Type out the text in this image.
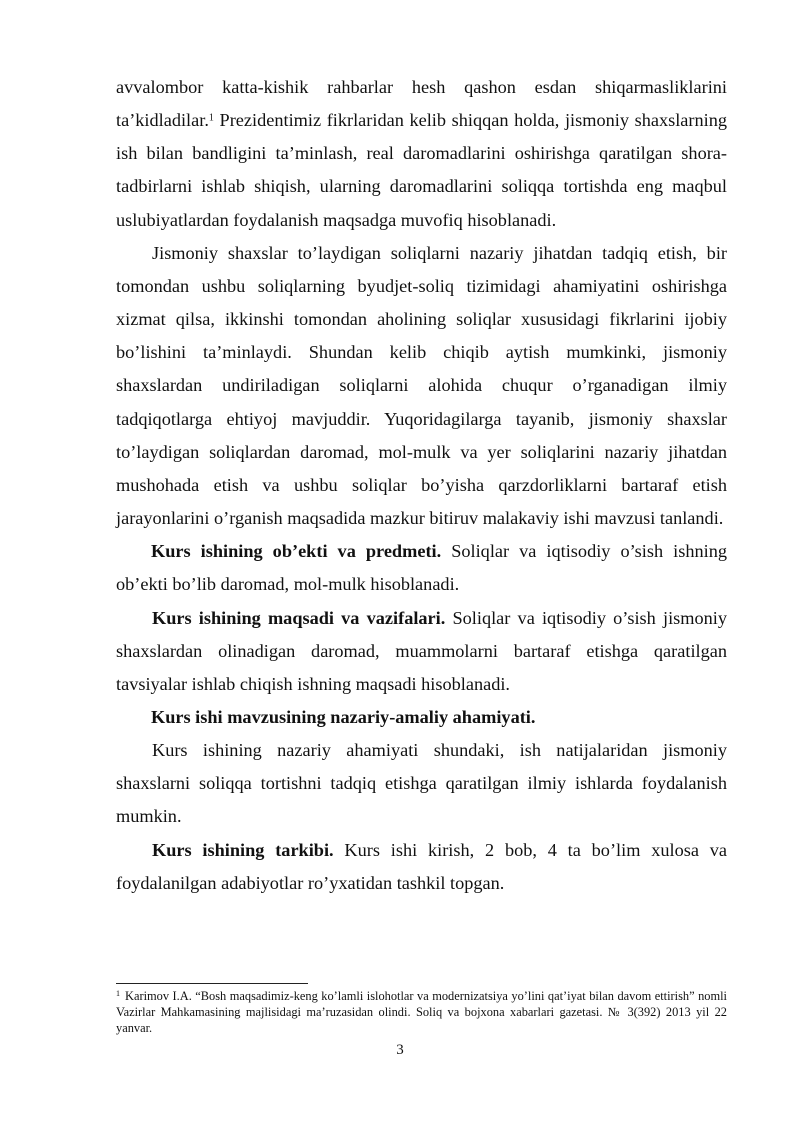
avvalombor katta-kishik rahbarlar hesh qashon esdan shiqarmasliklarini ta’kidladilar.$^1$ Prezidentimiz fikrlaridan kelib shiqqan holda, jismoniy shaxslarning ish bilan bandligini ta’minlash, real daromadlarini oshirishga qaratilgan shora-tadbirlarni ishlab shiqish, ularning daromadlarini soliqqa tortishda eng maqbul uslubiyatlardan foydalanish maqsadga muvofiq hisoblanadi.

Jismoniy shaxslar to’laydigan soliqlarni nazariy jihatdan tadqiq etish, bir tomondan ushbu soliqlarning byudjet-soliq tizimidagi ahamiyatini oshirishga xizmat qilsa, ikkinshi tomondan aholining soliqlar xususidagi fikrlarini ijobiy bo’lishini ta’minlaydi. Shundan kelib chiqib aytish mumkinki, jismoniy shaxslardan undiriladigan soliqlarni alohida chuqur o’rganadigan ilmiy tadqiqotlarga ehtiyoj mavjuddir. Yuqoridagilarga tayanib, jismoniy shaxslar to’laydigan soliqlardan daromad, mol-mulk va yer soliqlarini nazariy jihatdan mushohada etish va ushbu soliqlar bo’yisha qarzdorliklarni bartaraf etish jarayonlarini o’rganish maqsadida mazkur bitiruv malakaviy ishi mavzusi tanlandi.

Kurs ishining ob’ekti va predmeti. Soliqlar va iqtisodiy o’sish ishning ob’ekti bo’lib daromad, mol-mulk hisoblanadi.

Kurs ishining maqsadi va vazifalari. Soliqlar va iqtisodiy o’sish jismoniy shaxslardan olinadigan daromad, muammolarni bartaraf etishga qaratilgan tavsiyalar ishlab chiqish ishning maqsadi hisoblanadi.

Kurs ishi mavzusining nazariy-amaliy ahamiyati.

Kurs ishining nazariy ahamiyati shundaki, ish natijalaridan jismoniy shaxslarni soliqqa tortishni tadqiq etishga qaratilgan ilmiy ishlarda foydalanish mumkin.

Kurs ishining tarkibi. Kurs ishi kirish, 2 bob, 4 ta bo’lim xulosa va foydalanilgan adabiyotlar ro’yxatidan tashkil topgan.

$^1$ Karimov I.A. “Bosh maqsadimiz-keng ko’lamli islohotlar va modernizatsiya yo’lini qat’iyat bilan davom ettirish” nomli Vazirlar Mahkamasining majlisidagi ma’ruzasidan olindi. Soliq va bojxona xabarlari gazetasi. № 3(392) 2013 yil 22 yanvar.

3
